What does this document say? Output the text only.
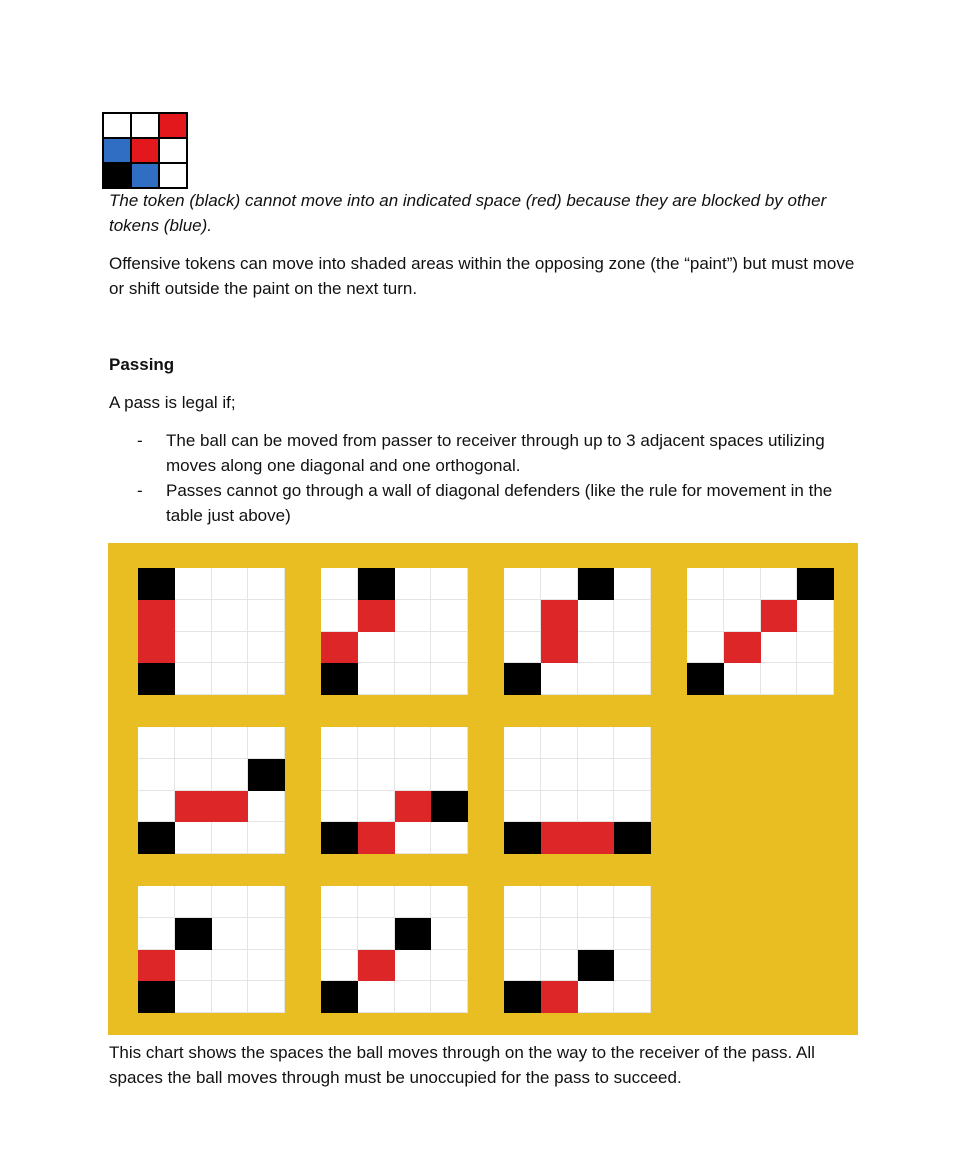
The token (black) cannot move into an indicated space (red) because they are blocked by other tokens (blue).

Offensive tokens can move into shaded areas within the opposing zone (the “paint”) but must move or shift outside the paint on the next turn.

Passing

A pass is legal if;

- The ball can be moved from passer to receiver through up to 3 adjacent spaces utilizing moves along one diagonal and one orthogonal.
- Passes cannot go through a wall of diagonal defenders (like the rule for movement in the table just above)

This chart shows the spaces the ball moves through on the way to the receiver of the pass. All spaces the ball moves through must be unoccupied for the pass to succeed.
